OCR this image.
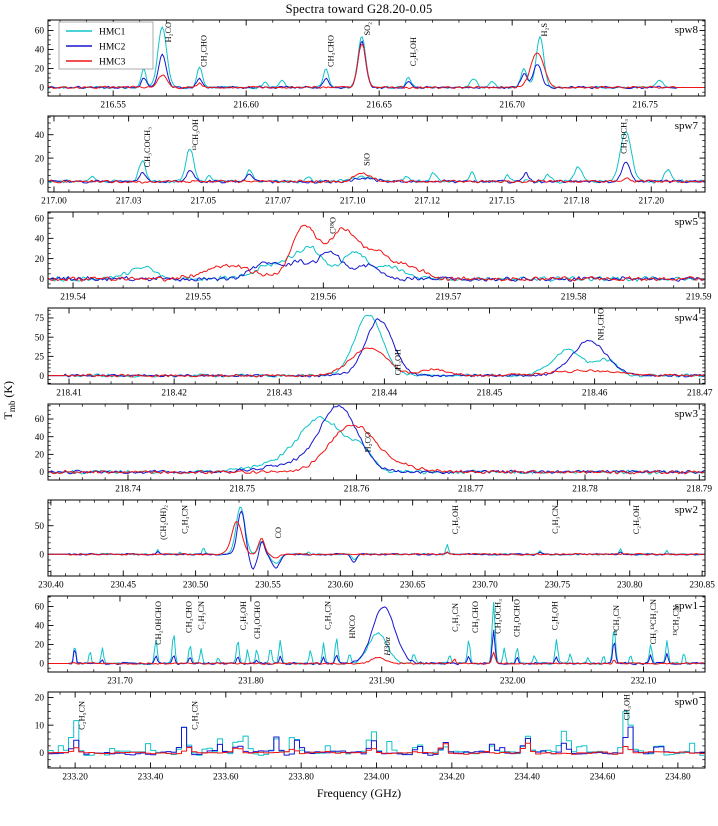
Spectra toward G28.20-0.05
$T_{mb}$ (K)
216.55	216.60	216.65	216.70	216.75
0
20
40
60	H₂CO
CH₃CHO	CH₃CHO
SO₂
C₂H₅OH
H₂S	spw8
HMC1
HMC2
HMC3
217.00	217.03	217.05	217.07	217.10	217.12	217.15	217.18	217.20
0
20
40	CH₃COCH₃	¹³CH₃OH
SiO
CH₃OCH₃	spw7
219.54	219.55	219.56	219.57	219.58	219.59
0
20
40
60	C¹⁸O	spw5
218.41	218.42	218.43	218.44	218.45	218.46	218.47
0
25
50
75
CH₃OH
NH₂CHO	spw4
218.74	218.75	218.76	218.77	218.78	218.79
0
20
40
60
H₂CO
spw3
230.40	230.45	230.50	230.55	230.60	230.65	230.70	230.75	230.80	230.85
0
50	(CH₂OH)₂ C₂H₃CN	CO	C₂H₅OH	C₂H₃CN	C₂H₅OH	spw2
231.70	231.80	231.90	232.00	232.10
0
20
40
60	CH₂OHCHO	CH₃CHO C₂H₃CN	C₂H₅OH CH₃OCHO	C₂H₅CN HNCO
H30α
C₂H₃CN CH₃CHO CH₃OCH₃ CH₃OCHO	C₂H₅OH	¹³CH₃CN	CH₃¹³CH₂CN ¹³CH₃CN
spw1
233.20	233.40	233.60	233.80	234.00	234.20	234.40	234.60	234.80
0
10
20
C₂H₅CN	C₂H₅CN	CH₃OH	spw0
Frequency (GHz)
